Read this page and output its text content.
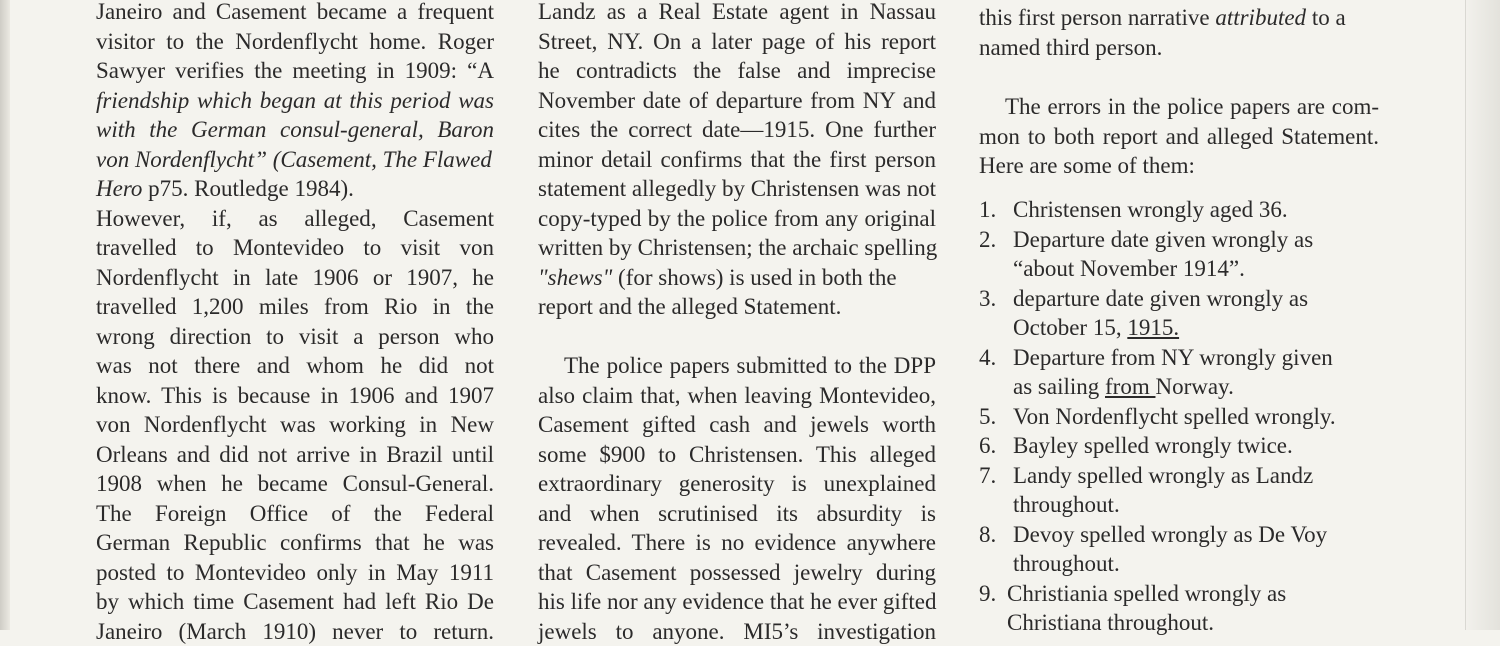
Janeiro and Casement became a frequent
visitor to the Nordenflycht home. Roger
Sawyer verifies the meeting in 1909: “A
friendship which began at this period was
with the German consul-general, Baron
von Nordenflycht” (Casement, The Flawed
Hero p75. Routledge 1984).
However, if, as alleged, Casement
travelled to Montevideo to visit von
Nordenflycht in late 1906 or 1907, he
travelled 1,200 miles from Rio in the
wrong direction to visit a person who
was not there and whom he did not
know. This is because in 1906 and 1907
von Nordenflycht was working in New
Orleans and did not arrive in Brazil until
1908 when he became Consul-General.
The Foreign Office of the Federal
German Republic confirms that he was
posted to Montevideo only in May 1911
by which time Casement had left Rio De
Janeiro (March 1910) never to return.
Landz as a Real Estate agent in Nassau
Street, NY. On a later page of his report
he contradicts the false and imprecise
November date of departure from NY and
cites the correct date—1915. One further
minor detail confirms that the first person
statement allegedly by Christensen was not
copy-typed by the police from any original
written by Christensen; the archaic spelling
"shews" (for shows) is used in both the
report and the alleged Statement.
The police papers submitted to the DPP
also claim that, when leaving Montevideo,
Casement gifted cash and jewels worth
some $900 to Christensen. This alleged
extraordinary generosity is unexplained
and when scrutinised its absurdity is
revealed. There is no evidence anywhere
that Casement possessed jewelry during
his life nor any evidence that he ever gifted
jewels to anyone. MI5’s investigation
this first person narrative attributed to a
named third person.
The errors in the police papers are com-
mon to both report and alleged Statement.
Here are some of them:
1. Christensen wrongly aged 36.
2. Departure date given wrongly as
“about November 1914”.
3. departure date given wrongly as
October 15, 1915.
4. Departure from NY wrongly given
as sailing from Norway.
5. Von Nordenflycht spelled wrongly.
6. Bayley spelled wrongly twice.
7. Landy spelled wrongly as Landz
throughout.
8. Devoy spelled wrongly as De Voy
throughout.
9. Christiania spelled wrongly as
Christiana throughout.
